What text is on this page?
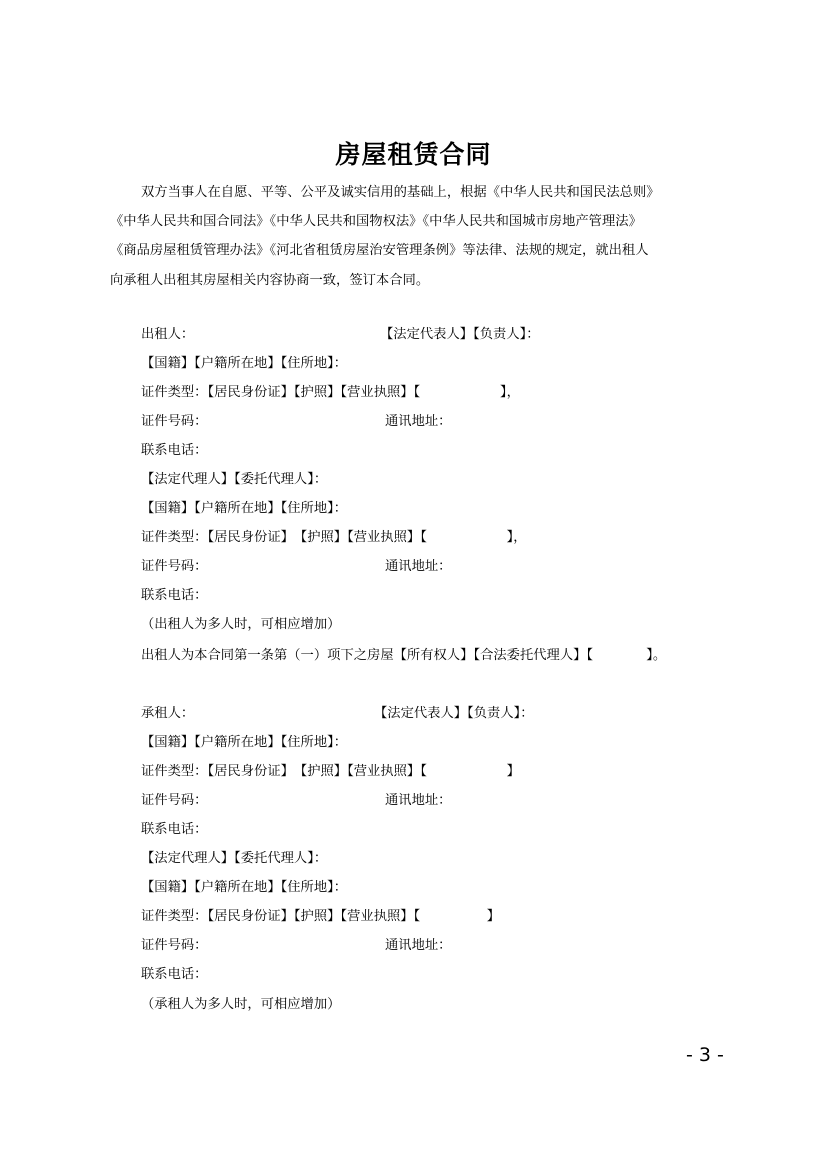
房屋租赁合同
双方当事人在自愿、平等、公平及诚实信用的基础上，根据《中华人民共和国民法总则》
《中华人民共和国合同法》《中华人民共和国物权法》《中华人民共和国城市房地产管理法》
《商品房屋租赁管理办法》《河北省租赁房屋治安管理条例》等法律、法规的规定，就出租人
向承租人出租其房屋相关内容协商一致，签订本合同。
出租人：	【法定代表人】【负责人】：
【国籍】【户籍所在地】【住所地】：
证件类型：【居民身份证】【护照】【营业执照】【　　　　　　】，
证件号码：	通讯地址：
联系电话：
【法定代理人】【委托代理人】：
【国籍】【户籍所在地】【住所地】：
证件类型：【居民身份证】　【护照】【营业执照】【　　　　　　】，
证件号码：	通讯地址：
联系电话：
（出租人为多人时，可相应增加）
出租人为本合同第一条第（一）项下之房屋【所有权人】【合法委托代理人】【　　　　】。
承租人：	【法定代表人】【负责人】：
【国籍】【户籍所在地】【住所地】：
证件类型：【居民身份证】　【护照】【营业执照】【　　　　　　】
证件号码：	通讯地址：
联系电话：
【法定代理人】【委托代理人】：
【国籍】【户籍所在地】【住所地】：
证件类型：【居民身份证】【护照】【营业执照】【　　　　　】
证件号码：	通讯地址：
联系电话：
（承租人为多人时，可相应增加）
- 3 -
